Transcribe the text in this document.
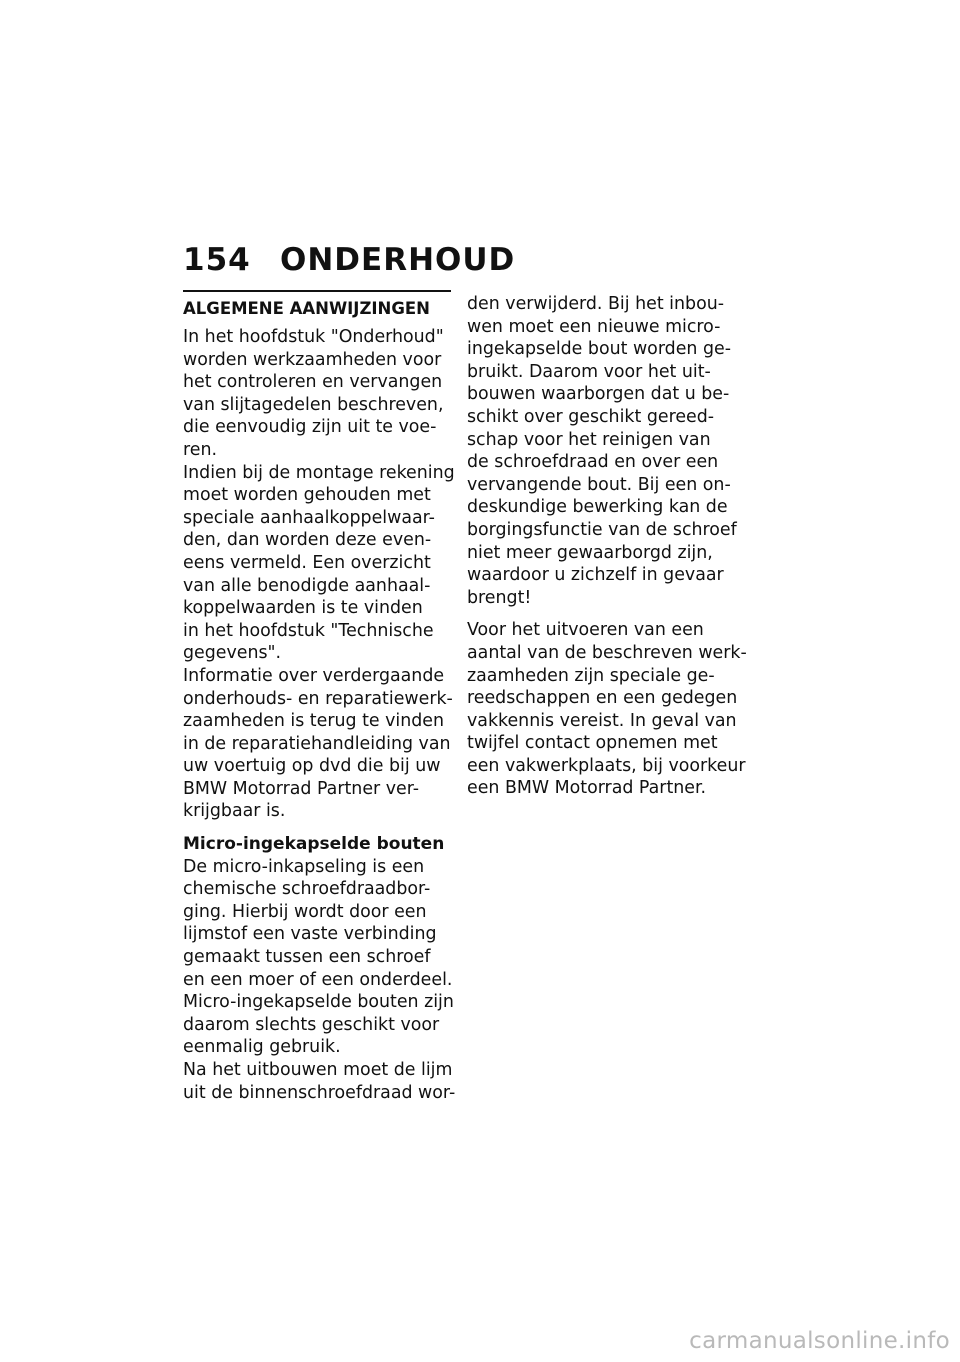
154 ONDERHOUD
ALGEMENE AANWIJZINGEN

In het hoofdstuk "Onderhoud"
worden werkzaamheden voor
het controleren en vervangen
van slijtagedelen beschreven,
die eenvoudig zijn uit te voe-
ren.

Indien bij de montage rekening
moet worden gehouden met
speciale aanhaalkoppelwaar-
den, dan worden deze even-
eens vermeld. Een overzicht
van alle benodigde aanhaal-
koppelwaarden is te vinden
in het hoofdstuk "Technische
gegevens".

Informatie over verdergaande
onderhouds- en reparatiewerk-
zaamheden is terug te vinden
in de reparatiehandleiding van
uw voertuig op dvd die bij uw
BMW Motorrad Partner ver-
krijgbaar is.

Micro-ingekapselde bouten

De micro-inkapseling is een
chemische schroefdraadbor-
ging. Hierbij wordt door een
lijmstof een vaste verbinding
gemaakt tussen een schroef
en een moer of een onderdeel.

Micro-ingekapselde bouten zijn
daarom slechts geschikt voor
eenmalig gebruik.

Na het uitbouwen moet de lijm
uit de binnenschroefdraad wor-

den verwijderd. Bij het inbou-
wen moet een nieuwe micro-
ingekapselde bout worden ge-
bruikt. Daarom voor het uit-
bouwen waarborgen dat u be-
schikt over geschikt gereed-
schap voor het reinigen van
de schroefdraad en over een
vervangende bout. Bij een on-
deskundige bewerking kan de
borgingsfunctie van de schroef
niet meer gewaarborgd zijn,
waardoor u zichzelf in gevaar
brengt!

Voor het uitvoeren van een
aantal van de beschreven werk-
zaamheden zijn speciale ge-
reedschappen en een gedegen
vakkennis vereist. In geval van
twijfel contact opnemen met
een vakwerkplaats, bij voorkeur
een BMW Motorrad Partner.

carmanualsonline.info
